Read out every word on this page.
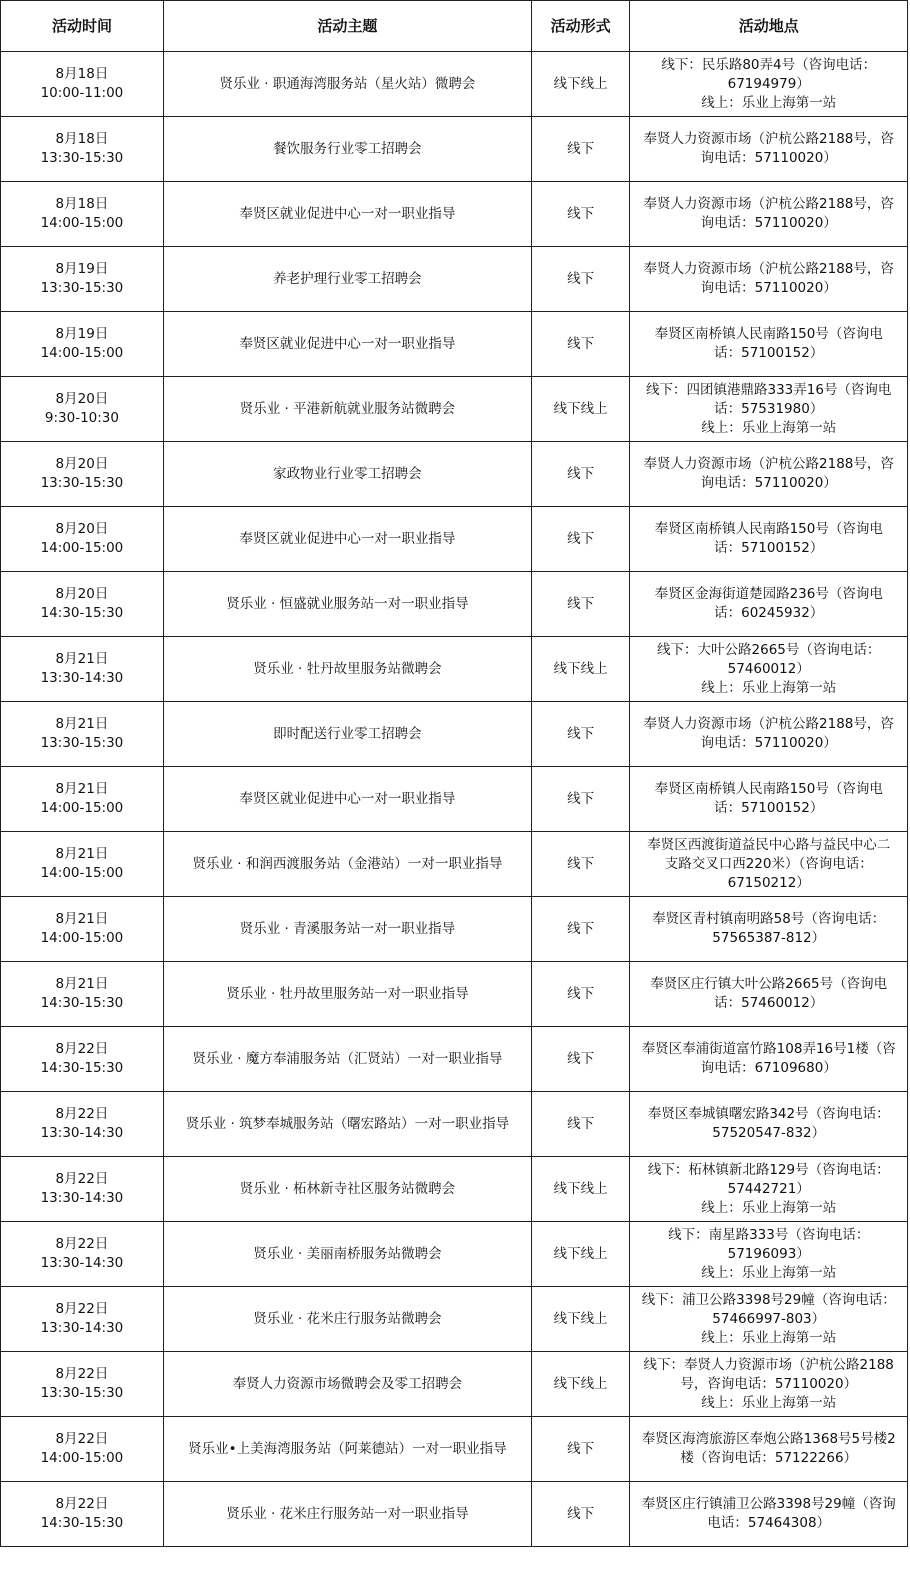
活动时间	活动主题	活动形式	活动地点

8月18日
10:00-11:00	贤乐业 · 职通海湾服务站（星火站）微聘会	线下线上	线下：民乐路80弄4号（咨询电话：
67194979）
线上：乐业上海第一站

8月18日
13:30-15:30	餐饮服务行业零工招聘会	线下	奉贤人力资源市场（沪杭公路2188号，咨
询电话：57110020）

8月18日
14:00-15:00	奉贤区就业促进中心一对一职业指导	线下	奉贤人力资源市场（沪杭公路2188号，咨
询电话：57110020）

8月19日
13:30-15:30	养老护理行业零工招聘会	线下	奉贤人力资源市场（沪杭公路2188号，咨
询电话：57110020）

8月19日
14:00-15:00	奉贤区就业促进中心一对一职业指导	线下	奉贤区南桥镇人民南路150号（咨询电
话：57100152）

8月20日
9:30-10:30	贤乐业 · 平港新航就业服务站微聘会	线下线上	线下：四团镇港鼎路333弄16号（咨询电
话：57531980）
线上：乐业上海第一站

8月20日
13:30-15:30	家政物业行业零工招聘会	线下	奉贤人力资源市场（沪杭公路2188号，咨
询电话：57110020）

8月20日
14:00-15:00	奉贤区就业促进中心一对一职业指导	线下	奉贤区南桥镇人民南路150号（咨询电
话：57100152）

8月20日
14:30-15:30	贤乐业 · 恒盛就业服务站一对一职业指导	线下	奉贤区金海街道楚园路236号（咨询电
话：60245932）

8月21日
13:30-14:30	贤乐业 · 牡丹故里服务站微聘会	线下线上	线下：大叶公路2665号（咨询电话：
57460012）
线上：乐业上海第一站

8月21日
13:30-15:30	即时配送行业零工招聘会	线下	奉贤人力资源市场（沪杭公路2188号，咨
询电话：57110020）

8月21日
14:00-15:00	奉贤区就业促进中心一对一职业指导	线下	奉贤区南桥镇人民南路150号（咨询电
话：57100152）

8月21日
14:00-15:00	贤乐业 · 和润西渡服务站（金港站）一对一职业指导	线下	奉贤区西渡街道益民中心路与益民中心二
支路交叉口西220米）（咨询电话：
67150212）

8月21日
14:00-15:00	贤乐业 · 青溪服务站一对一职业指导	线下	奉贤区青村镇南明路58号（咨询电话：
57565387-812）

8月21日
14:30-15:30	贤乐业 · 牡丹故里服务站一对一职业指导	线下	奉贤区庄行镇大叶公路2665号（咨询电
话：57460012）

8月22日
14:30-15:30	贤乐业 · 魔方奉浦服务站（汇贤站）一对一职业指导	线下	奉贤区奉浦街道富竹路108弄16号1楼（咨
询电话：67109680）

8月22日
13:30-14:30	贤乐业 · 筑梦奉城服务站（曙宏路站）一对一职业指导	线下	奉贤区奉城镇曙宏路342号（咨询电话：
57520547-832）

8月22日
13:30-14:30	贤乐业 · 柘林新寺社区服务站微聘会	线下线上	线下：柘林镇新北路129号（咨询电话：
57442721）
线上：乐业上海第一站

8月22日
13:30-14:30	贤乐业 · 美丽南桥服务站微聘会	线下线上	线下：南星路333号（咨询电话：
57196093）
线上：乐业上海第一站

8月22日
13:30-14:30	贤乐业 · 花米庄行服务站微聘会	线下线上	线下：浦卫公路3398号29幢（咨询电话：
57466997-803）
线上：乐业上海第一站

8月22日
13:30-15:30	奉贤人力资源市场微聘会及零工招聘会	线下线上	线下：奉贤人力资源市场（沪杭公路2188
号，咨询电话：57110020）
线上：乐业上海第一站

8月22日
14:00-15:00	贤乐业•上美海湾服务站（阿莱德站）一对一职业指导	线下	奉贤区海湾旅游区奉炮公路1368号5号楼2
楼（咨询电话：57122266）

8月22日
14:30-15:30	贤乐业 · 花米庄行服务站一对一职业指导	线下	奉贤区庄行镇浦卫公路3398号29幢（咨询
电话：57464308）
